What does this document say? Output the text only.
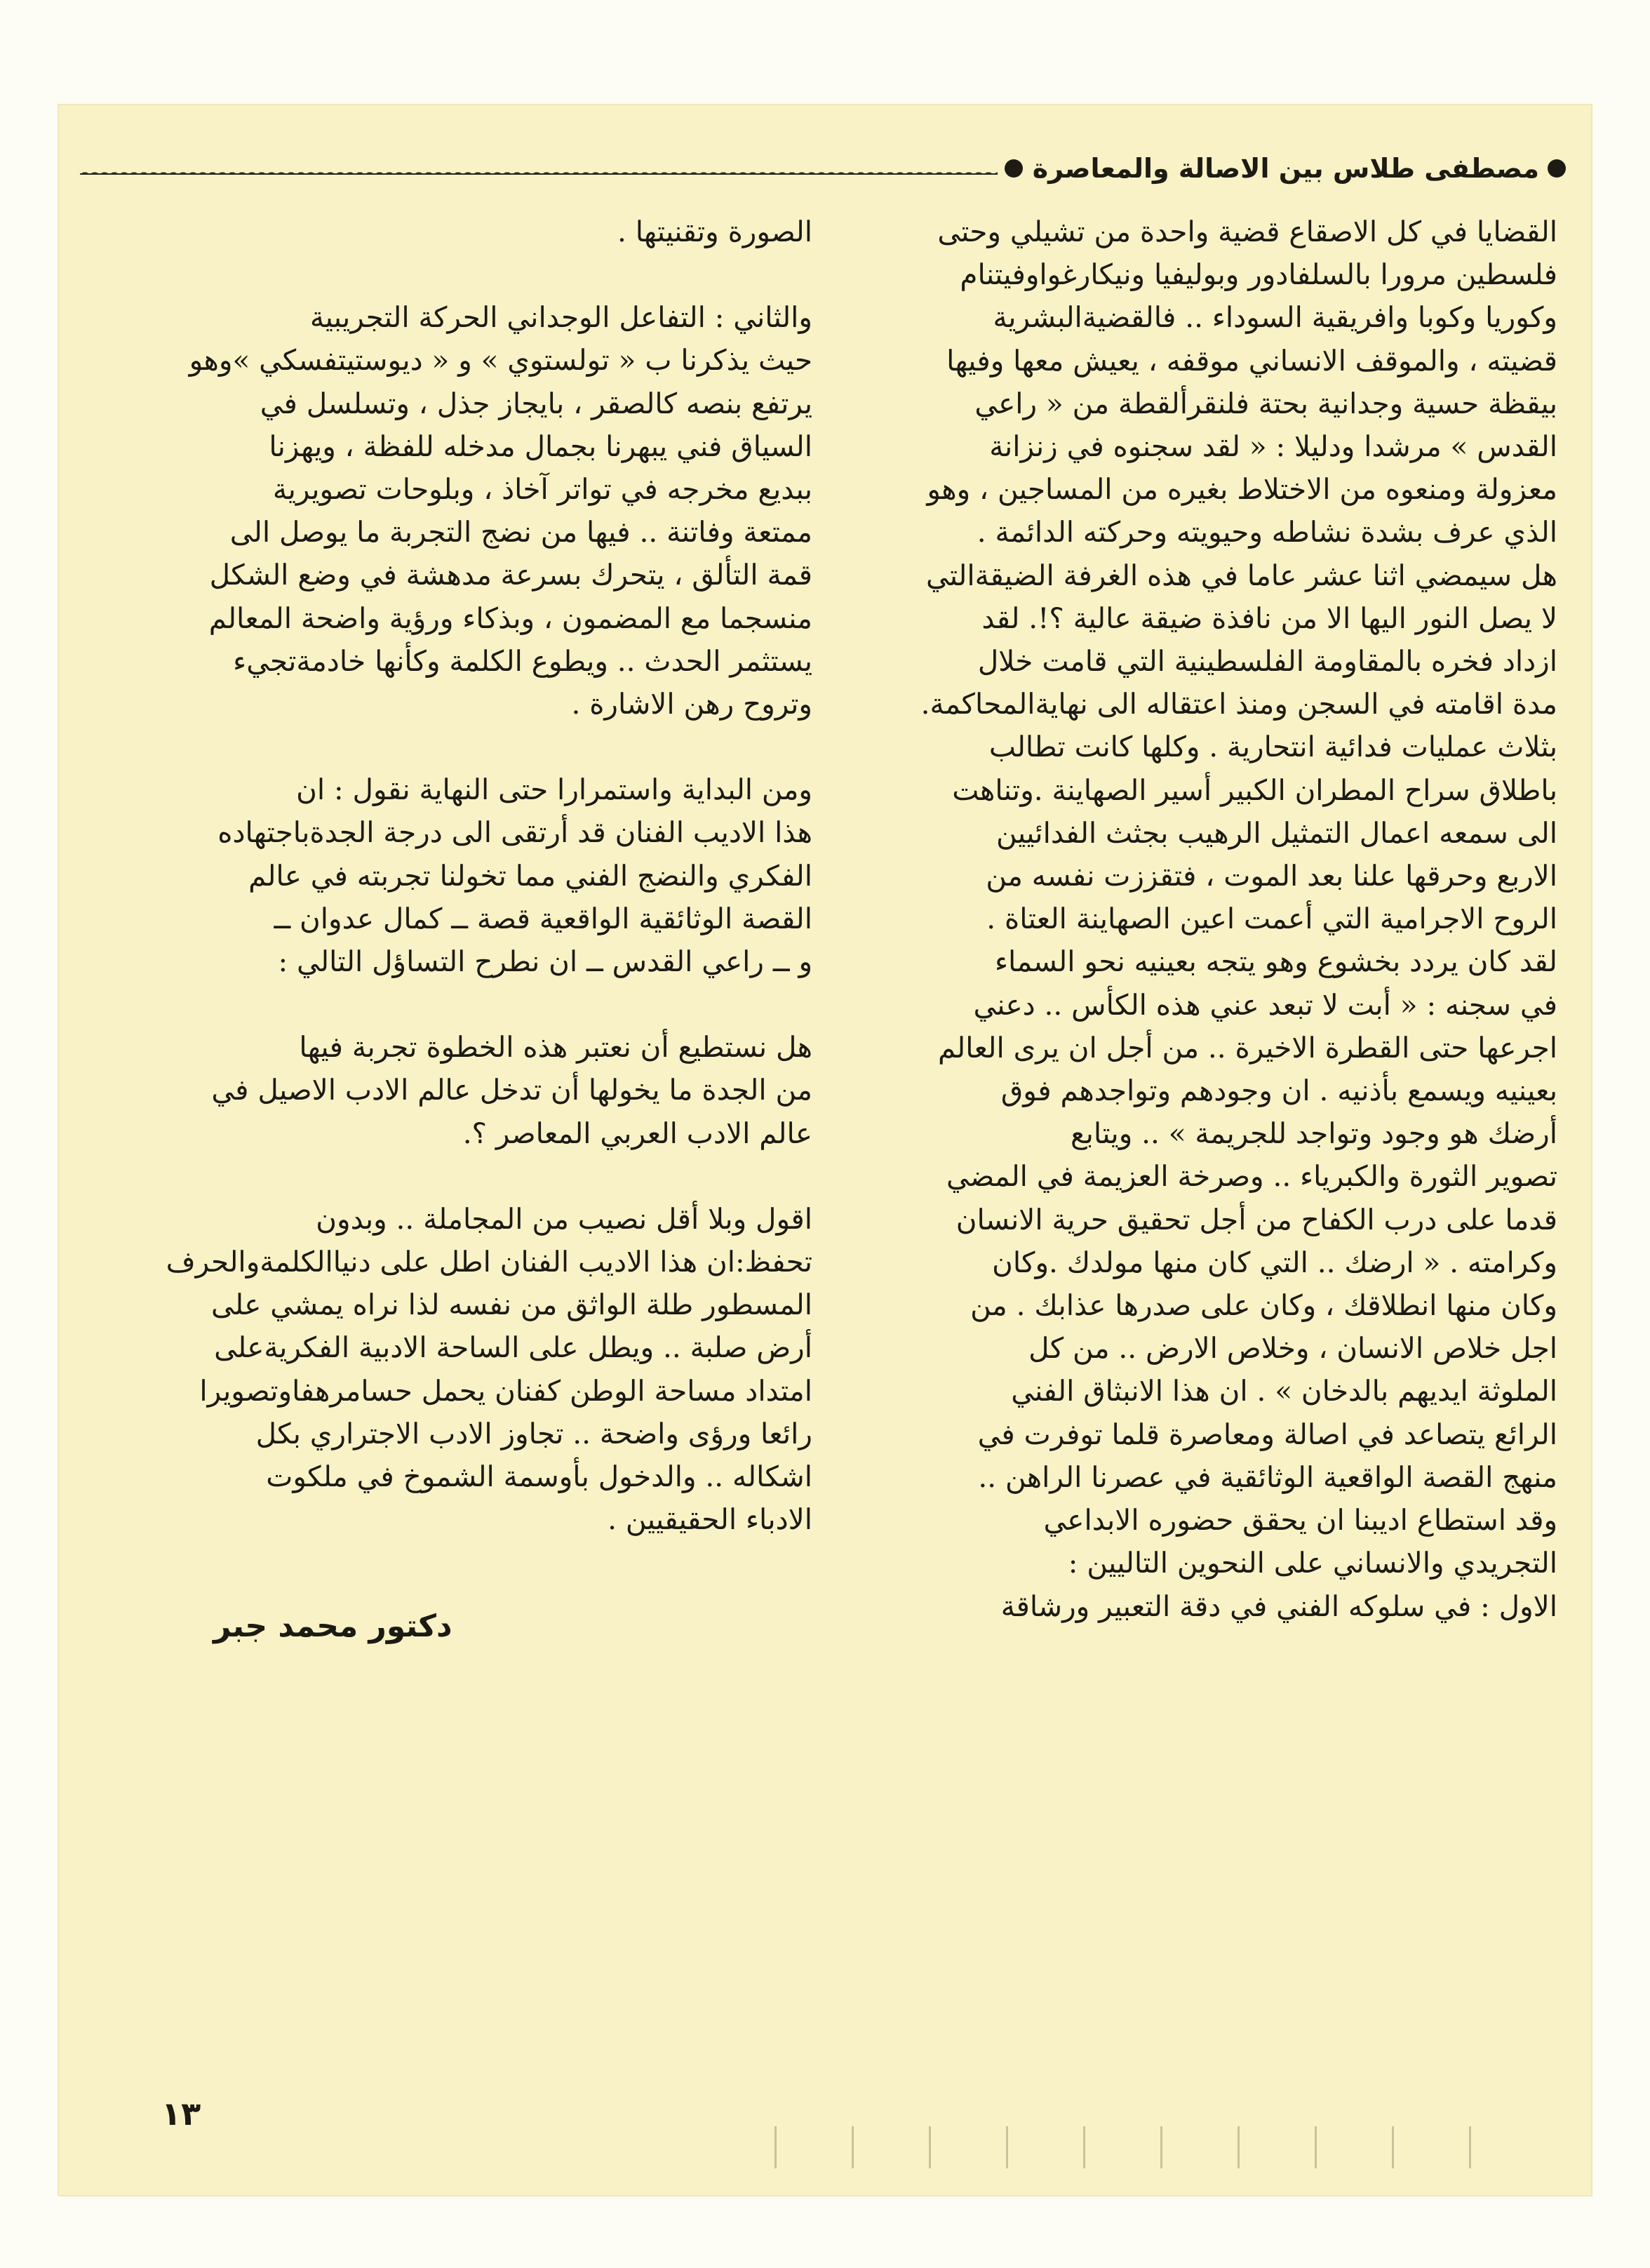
مصطفى طلاس بين الاصالة والمعاصرة

القضايا في كل الاصقاع قضية واحدة من تشيلي وحتى

فلسطين مرورا بالسلفادور وبوليفيا ونيكارغواوفيتنام

وكوريا وكوبا وافريقية السوداء .. فالقضيةالبشرية

قضيته ، والموقف الانساني موقفه ، يعيش معها وفيها

بيقظة حسية وجدانية بحتة فلنقرألقطة من « راعي

القدس » مرشدا ودليلا : « لقد سجنوه في زنزانة

معزولة ومنعوه من الاختلاط بغيره من المساجين ، وهو

الذي عرف بشدة نشاطه وحيويته وحركته الدائمة .

هل سيمضي اثنا عشر عاما في هذه الغرفة الضيقةالتي

لا يصل النور اليها الا من نافذة ضيقة عالية ؟!. لقد

ازداد فخره بالمقاومة الفلسطينية التي قامت خلال

مدة اقامته في السجن ومنذ اعتقاله الى نهايةالمحاكمة.

بثلاث عمليات فدائية انتحارية . وكلها كانت تطالب

باطلاق سراح المطران الكبير أسير الصهاينة .وتناهت

الى سمعه اعمال التمثيل الرهيب بجثث الفدائيين

الاربع وحرقها علنا بعد الموت ، فتقززت نفسه من

الروح الاجرامية التي أعمت اعين الصهاينة العتاة .

لقد كان يردد بخشوع وهو يتجه بعينيه نحو السماء

في سجنه : « أبت لا تبعد عني هذه الكأس .. دعني

اجرعها حتى القطرة الاخيرة .. من أجل ان يرى العالم

بعينيه ويسمع بأذنيه . ان وجودهم وتواجدهم فوق

أرضك هو وجود وتواجد للجريمة » .. ويتابع

تصوير الثورة والكبرياء .. وصرخة العزيمة في المضي

قدما على درب الكفاح من أجل تحقيق حرية الانسان

وكرامته . « ارضك .. التي كان منها مولدك .وكان

وكان منها انطلاقك ، وكان على صدرها عذابك . من

اجل خلاص الانسان ، وخلاص الارض .. من كل

الملوثة ايديهم بالدخان » . ان هذا الانبثاق الفني

الرائع يتصاعد في اصالة ومعاصرة قلما توفرت في

منهج القصة الواقعية الوثائقية في عصرنا الراهن ..

وقد استطاع اديبنا ان يحقق حضوره الابداعي

التجريدي والانساني على النحوين التاليين :

الاول : في سلوكه الفني في دقة التعبير ورشاقة

الصورة وتقنيتها .

والثاني : التفاعل الوجداني الحركة التجريبية

حيث يذكرنا ب « تولستوي » و « ديوستيتفسكي »وهو

يرتفع بنصه كالصقر ، بايجاز جذل ، وتسلسل في

السياق فني يبهرنا بجمال مدخله للفظة ، ويهزنا

ببديع مخرجه في تواتر آخاذ ، وبلوحات تصويرية

ممتعة وفاتنة .. فيها من نضج التجربة ما يوصل الى

قمة التألق ، يتحرك بسرعة مدهشة في وضع الشكل

منسجما مع المضمون ، وبذكاء ورؤية واضحة المعالم

يستثمر الحدث .. ويطوع الكلمة وكأنها خادمةتجيء

وتروح رهن الاشارة .

ومن البداية واستمرارا حتى النهاية نقول : ان

هذا الاديب الفنان قد أرتقى الى درجة الجدةباجتهاده

الفكري والنضج الفني مما تخولنا تجربته في عالم

القصة الوثائقية الواقعية قصة ــ كمال عدوان ــ

و ــ راعي القدس ــ ان نطرح التساؤل التالي :

هل نستطيع أن نعتبر هذه الخطوة تجربة فيها

من الجدة ما يخولها أن تدخل عالم الادب الاصيل في

عالم الادب العربي المعاصر ؟.

اقول وبلا أقل نصيب من المجاملة .. وبدون

تحفظ:ان هذا الاديب الفنان اطل على دنياالكلمةوالحرف

المسطور طلة الواثق من نفسه لذا نراه يمشي على

أرض صلبة .. ويطل على الساحة الادبية الفكريةعلى

امتداد مساحة الوطن كفنان يحمل حسامرهفاوتصويرا

رائعا ورؤى واضحة .. تجاوز الادب الاجتراري بكل

اشكاله .. والدخول بأوسمة الشموخ في ملكوت

الادباء الحقيقيين .

دكتور محمد جبر
١٣
